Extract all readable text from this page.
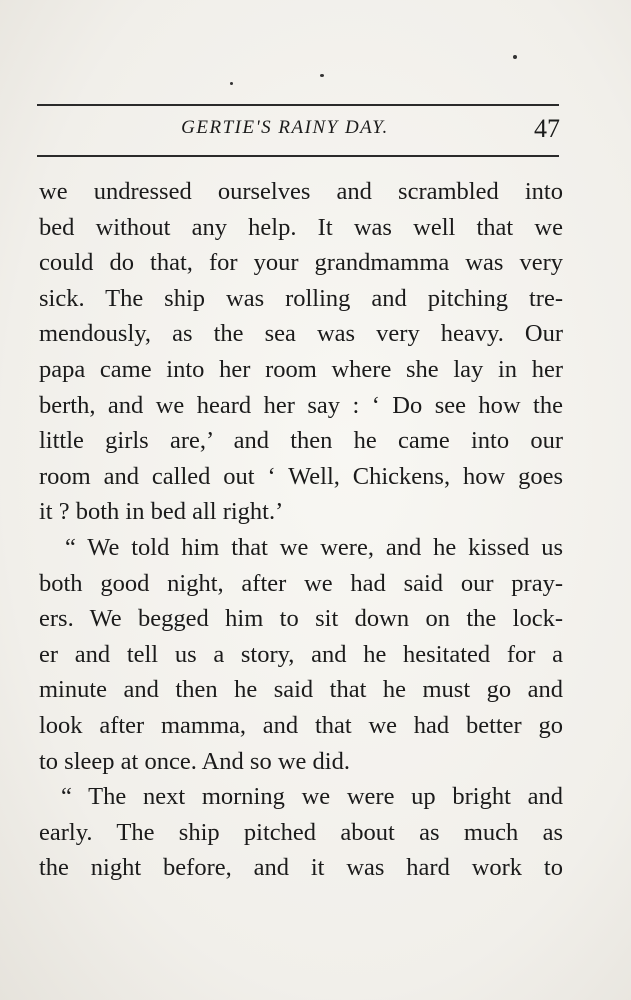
GERTIE'S RAINY DAY.	47
we undressed ourselves and scrambled into
bed without any help. It was well that we
could do that, for your grandmamma was very
sick. The ship was rolling and pitching tre-
mendously, as the sea was very heavy. Our
papa came into her room where she lay in her
berth, and we heard her say : ‘ Do see how the
little girls are,’ and then he came into our
room and called out ‘ Well, Chickens, how goes
it ? both in bed all right.’
“ We told him that we were, and he kissed us
both good night, after we had said our pray-
ers. We begged him to sit down on the lock-
er and tell us a story, and he hesitated for a
minute and then he said that he must go and
look after mamma, and that we had better go
to sleep at once. And so we did.
“ The next morning we were up bright and
early. The ship pitched about as much as
the night before, and it was hard work to
